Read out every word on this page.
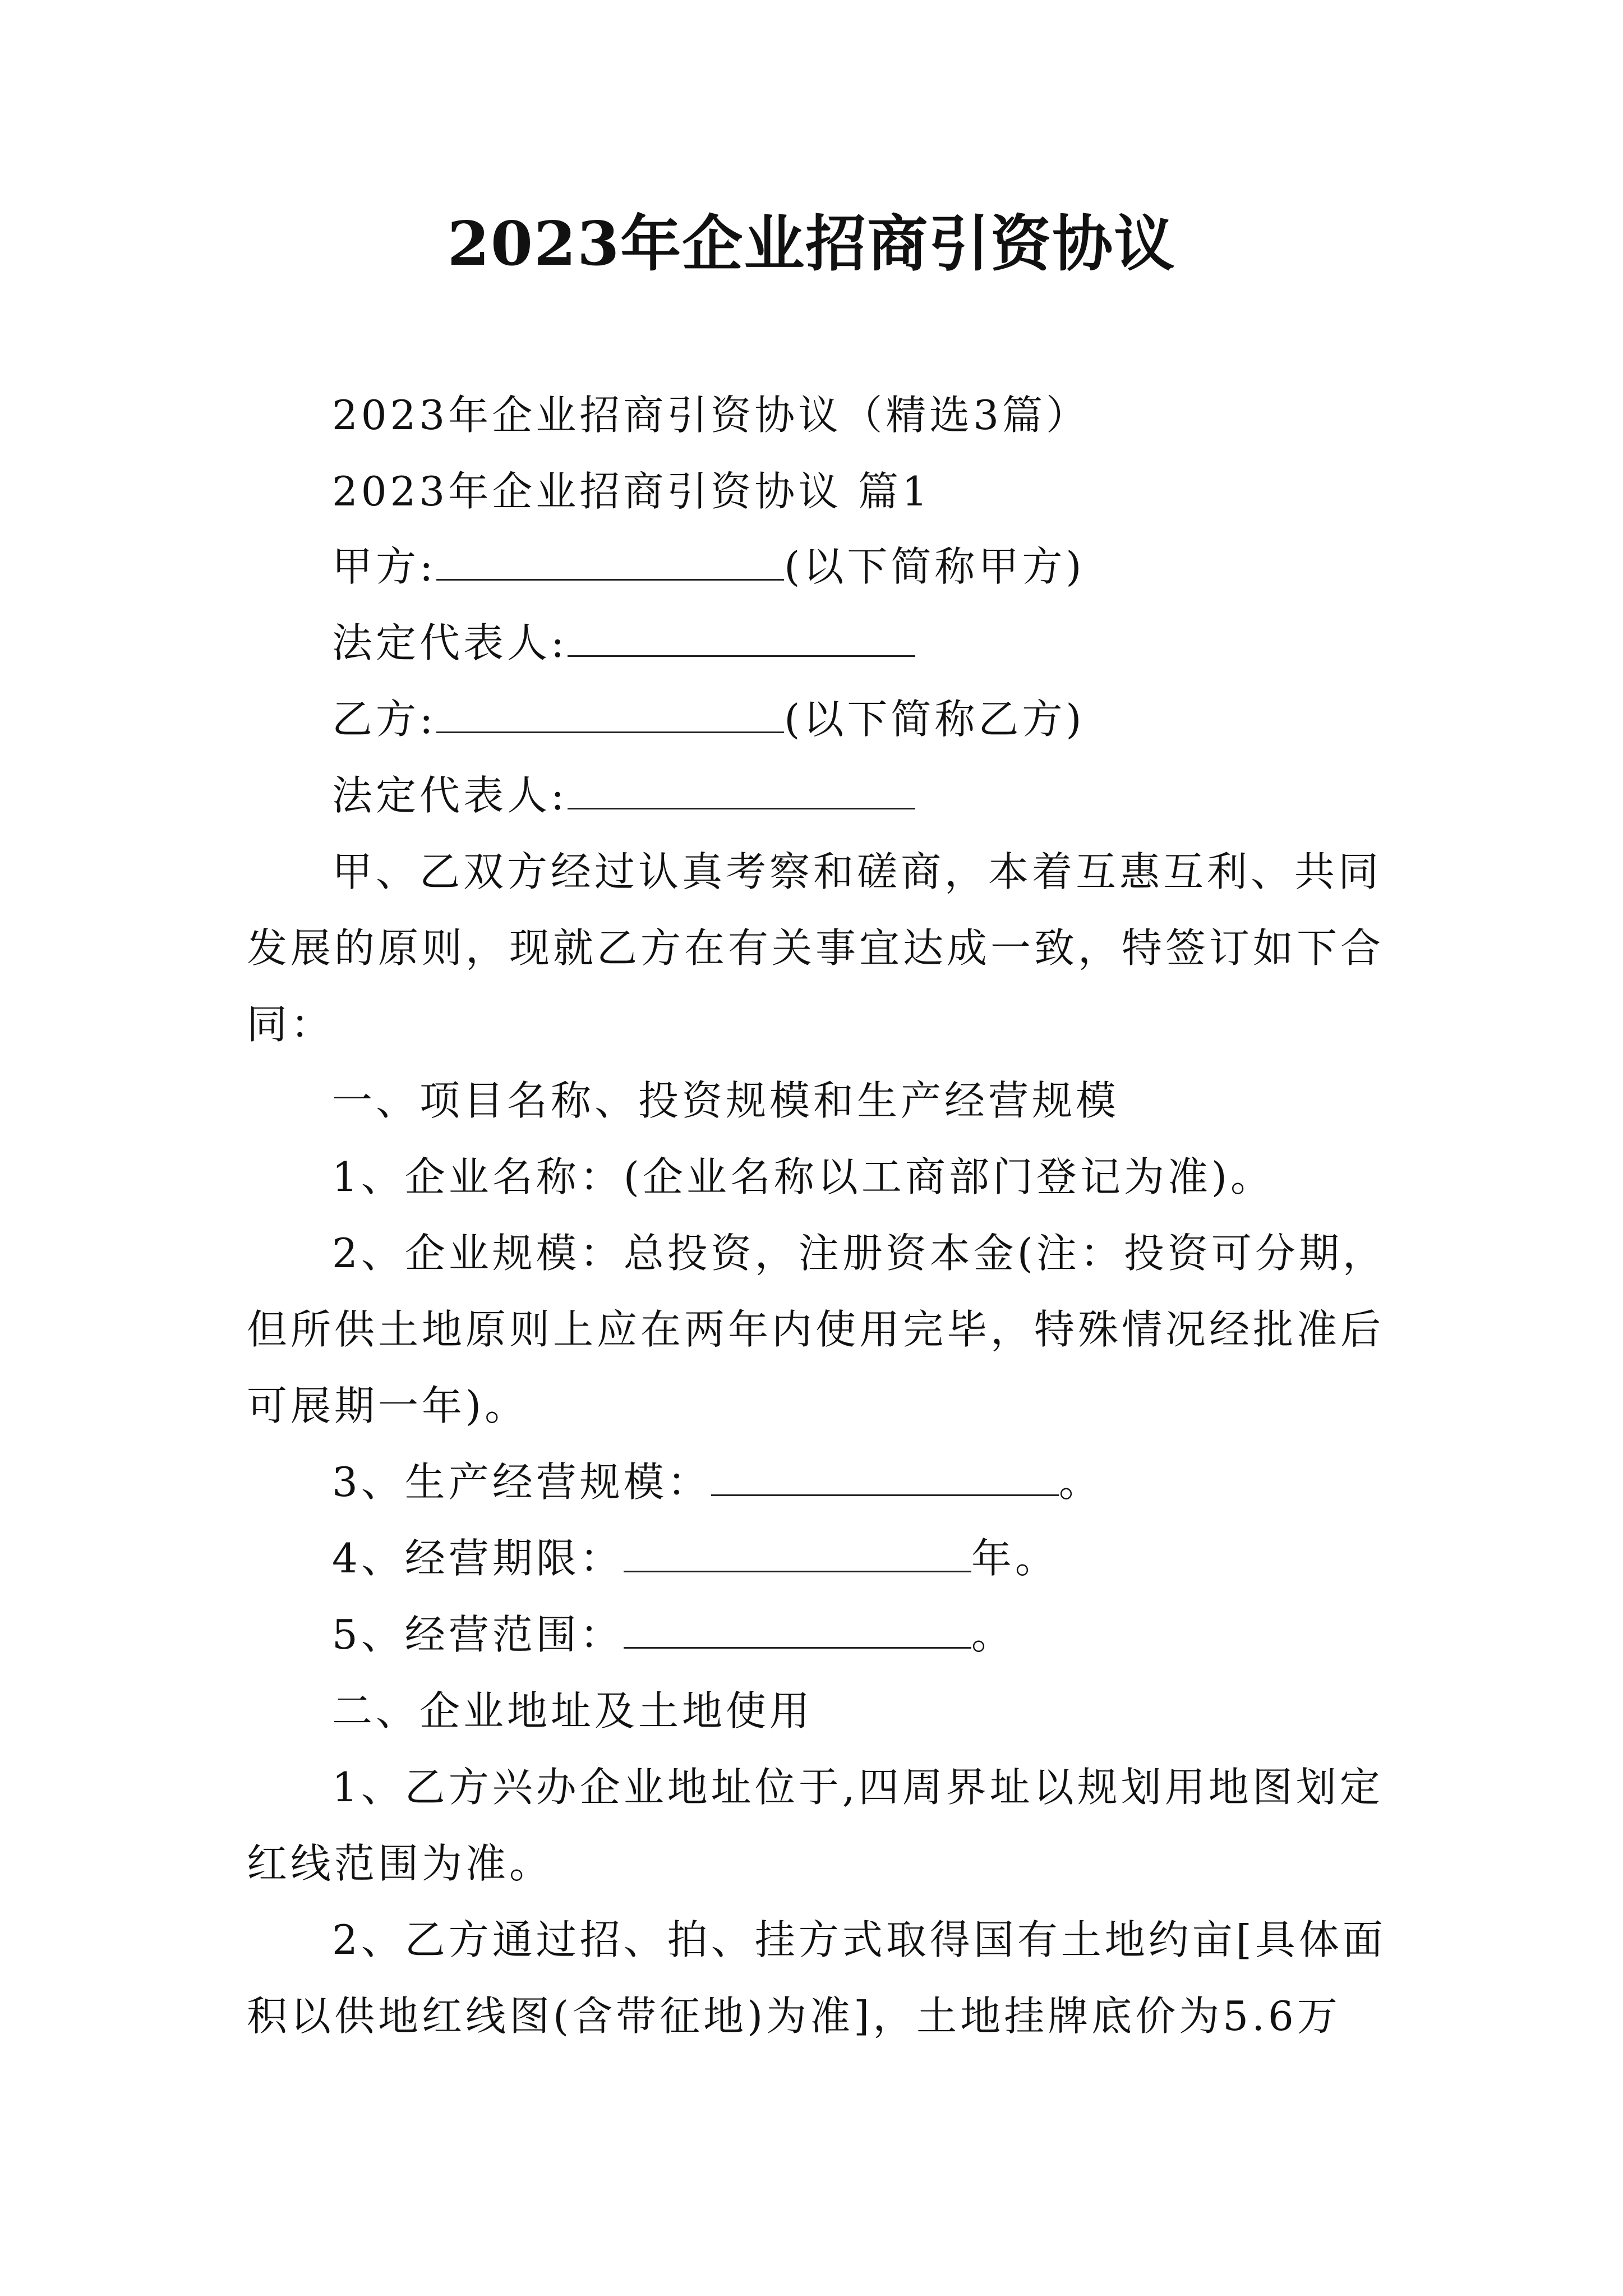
2023年企业招商引资协议
2023年企业招商引资协议（精选3篇）
2023年企业招商引资协议 篇1
甲方:	(以下简称甲方)
法定代表人:
乙方:	(以下简称乙方)
法定代表人:
甲、乙双方经过认真考察和磋商，本着互惠互利、共同
发展的原则，现就乙方在有关事宜达成一致，特签订如下合
同：
一、项目名称、投资规模和生产经营规模
1、企业名称：(企业名称以工商部门登记为准)。
2、企业规模：总投资，注册资本金(注：投资可分期，
但所供土地原则上应在两年内使用完毕，特殊情况经批准后
可展期一年)。
3、生产经营规模：	。
4、经营期限：	年。
5、经营范围：	。
二、企业地址及土地使用
1、乙方兴办企业地址位于,四周界址以规划用地图划定
红线范围为准。
2、乙方通过招、拍、挂方式取得国有土地约亩[具体面
积以供地红线图(含带征地)为准]，土地挂牌底价为5.6万
